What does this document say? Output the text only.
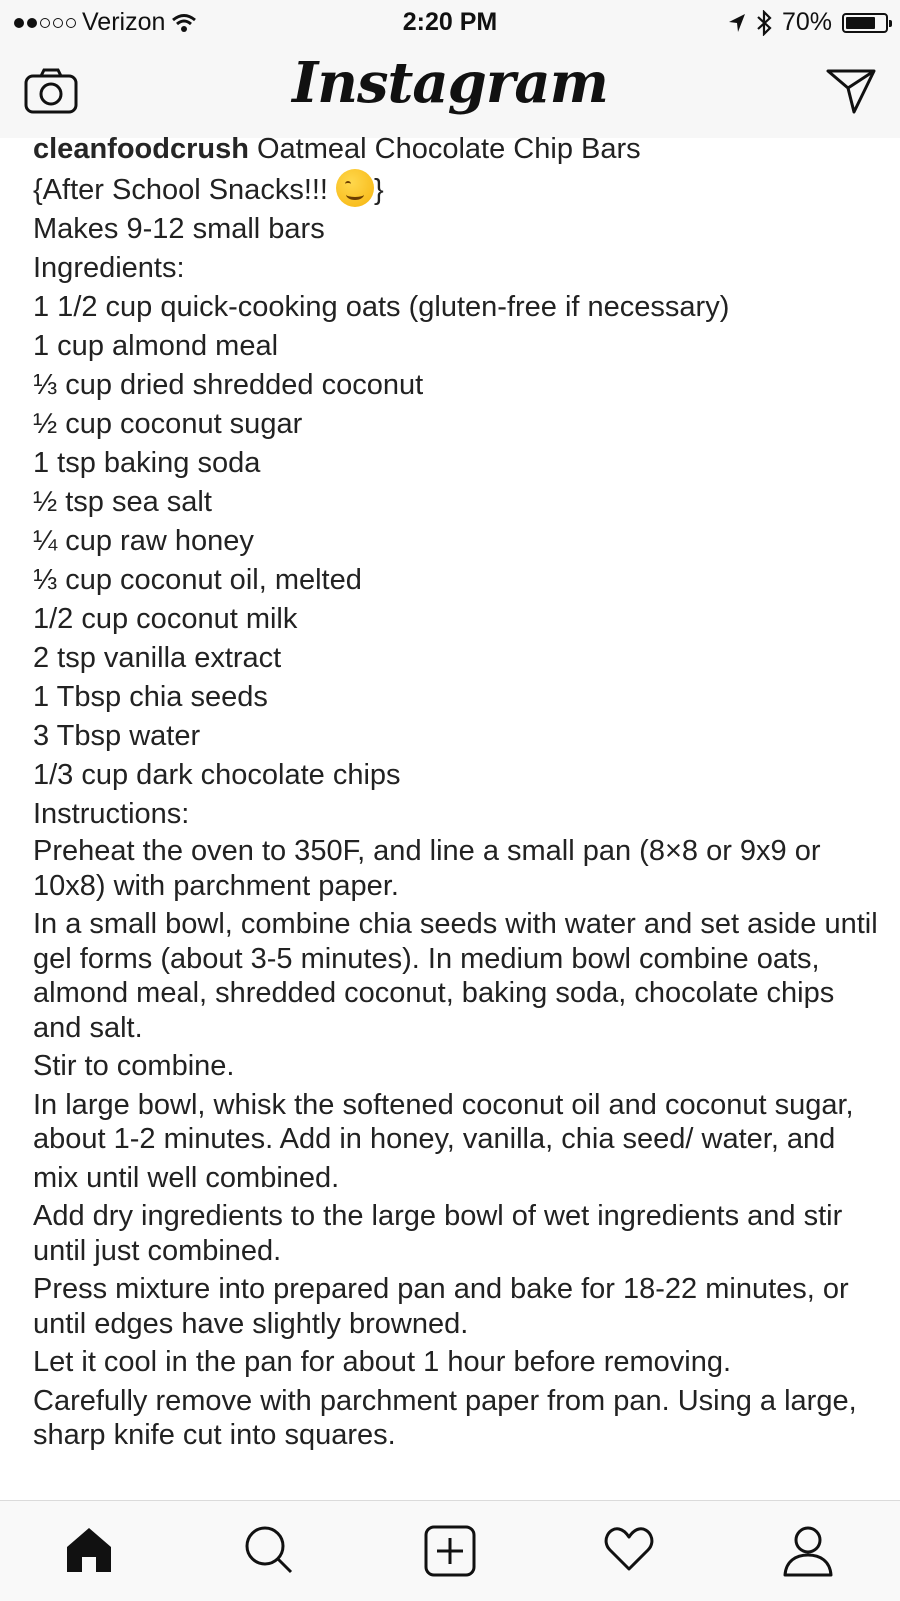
Verizon	2:20 PM	70%
Instagram

cleanfoodcrush Oatmeal Chocolate Chip Bars

{After School Snacks!!! }

Makes 9-12 small bars

Ingredients:

1 1/2 cup quick-cooking oats (gluten-free if necessary)

1 cup almond meal

⅓ cup dried shredded coconut

½ cup coconut sugar

1 tsp baking soda

½ tsp sea salt

¼ cup raw honey

⅓ cup coconut oil, melted

1/2 cup coconut milk

2 tsp vanilla extract

1 Tbsp chia seeds

3 Tbsp water

1/3 cup dark chocolate chips

Instructions:

Preheat the oven to 350F, and line a small pan (8×8 or 9x9 or 10x8) with parchment paper.

In a small bowl, combine chia seeds with water and set aside until gel forms (about 3-5 minutes). In medium bowl combine oats, almond meal, shredded coconut, baking soda, chocolate chips and salt.

Stir to combine.

In large bowl, whisk the softened coconut oil and coconut sugar, about 1-2 minutes. Add in honey, vanilla, chia seed/ water, and

mix until well combined.

Add dry ingredients to the large bowl of wet ingredients and stir until just combined.

Press mixture into prepared pan and bake for 18-22 minutes, or until edges have slightly browned.

Let it cool in the pan for about 1 hour before removing.

Carefully remove with parchment paper from pan. Using a large, sharp knife cut into squares.
